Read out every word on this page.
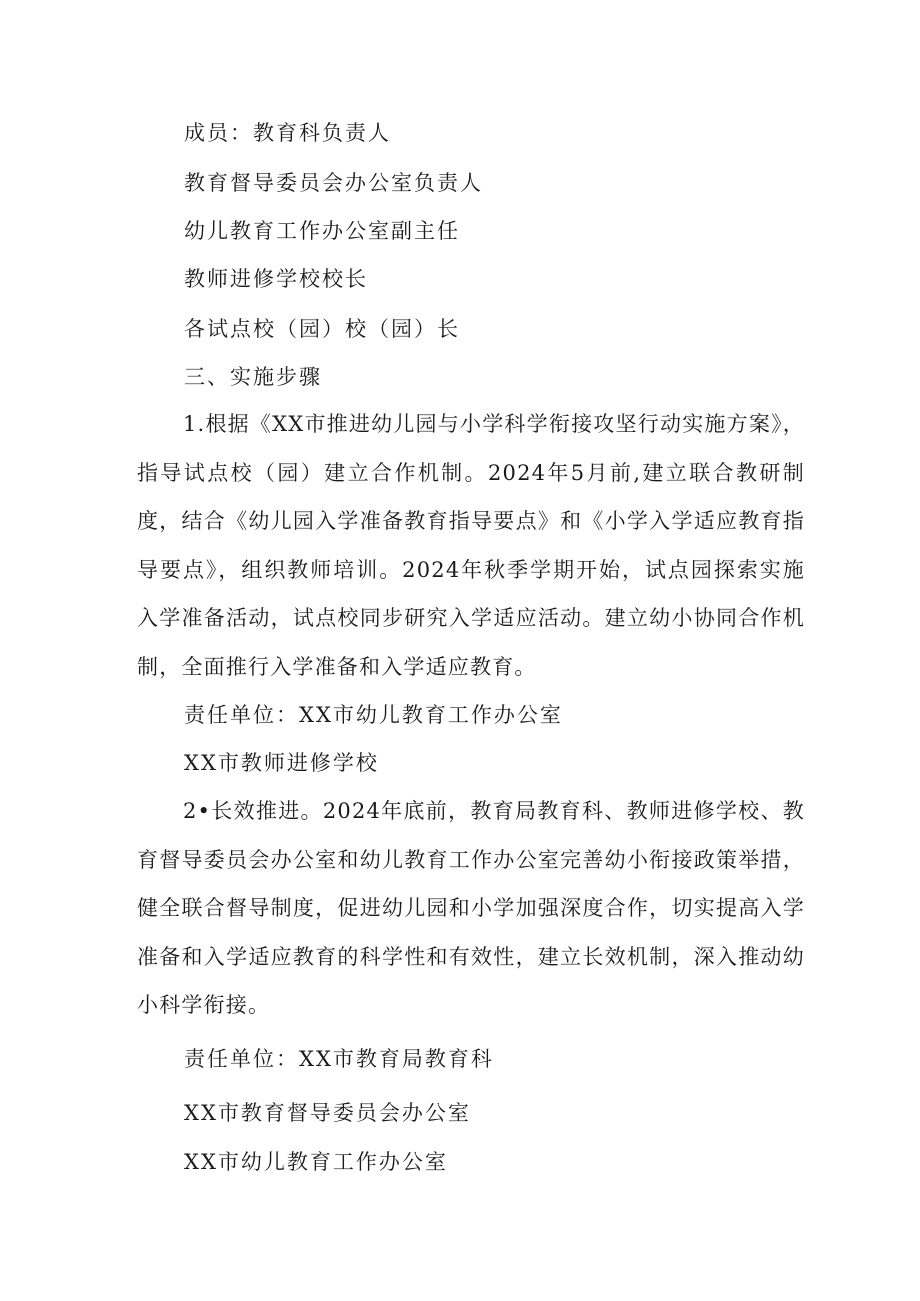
成员：教育科负责人
教育督导委员会办公室负责人
幼儿教育工作办公室副主任
教师进修学校校长
各试点校（园）校（园）长
三、实施步骤
1.根据《XX市推进幼儿园与小学科学衔接攻坚行动实施方案》，指导试点校（园）建立合作机制。2024年5月前,建立联合教研制度，结合《幼儿园入学准备教育指导要点》和《小学入学适应教育指导要点》，组织教师培训。2024年秋季学期开始，试点园探索实施入学准备活动，试点校同步研究入学适应活动。建立幼小协同合作机制，全面推行入学准备和入学适应教育。
责任单位：XX市幼儿教育工作办公室
XX市教师进修学校
2•长效推进。2024年底前，教育局教育科、教师进修学校、教育督导委员会办公室和幼儿教育工作办公室完善幼小衔接政策举措，健全联合督导制度，促进幼儿园和小学加强深度合作，切实提高入学准备和入学适应教育的科学性和有效性，建立长效机制，深入推动幼小科学衔接。
责任单位：XX市教育局教育科
XX市教育督导委员会办公室
XX市幼儿教育工作办公室
